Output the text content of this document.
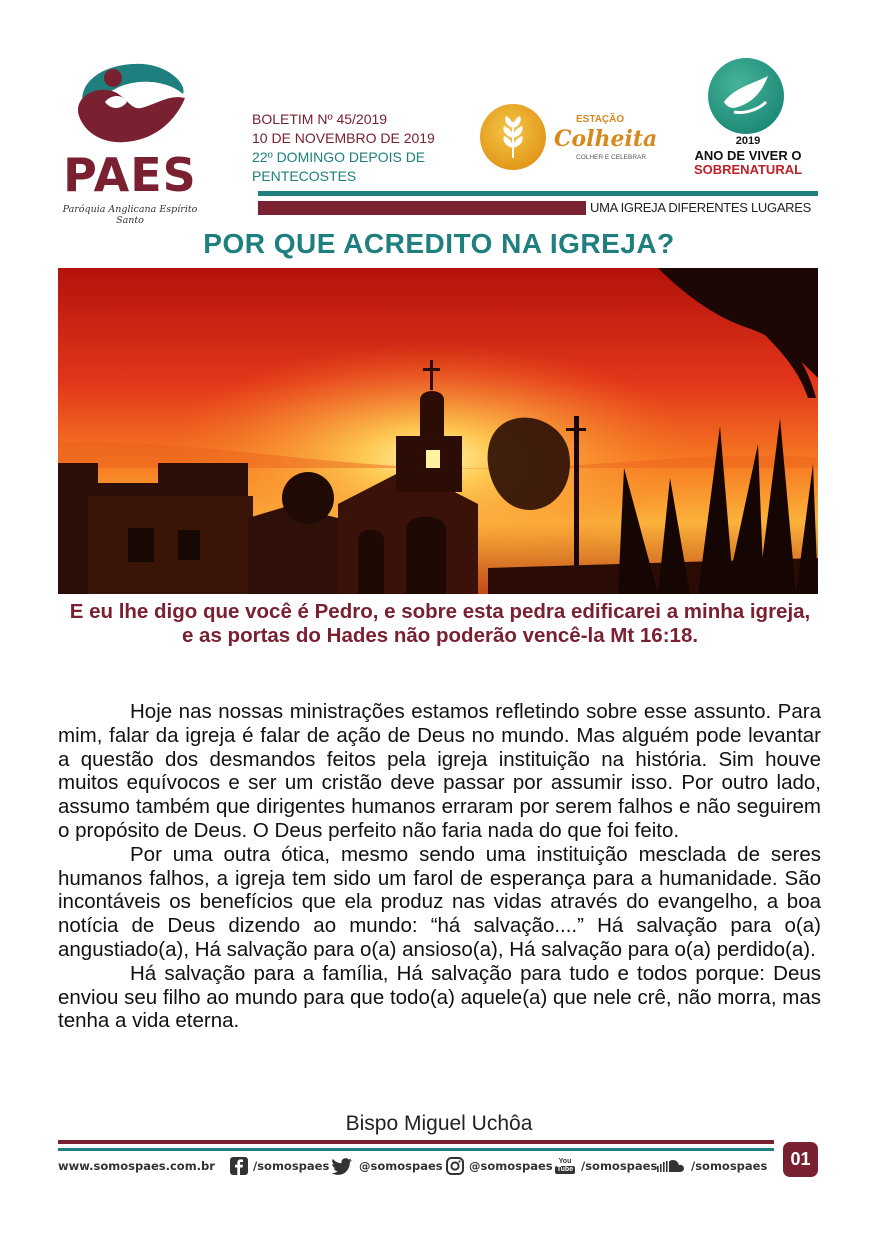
PAES
Paróquia Anglicana Espírito Santo
BOLETIM Nº 45/2019
10 DE NOVEMBRO DE 2019
22º DOMINGO DEPOIS DE
PENTECOSTES
ESTAÇÃO
Colheita
COLHER E CELEBRAR
2019
ANO DE VIVER O
SOBRENATURAL
UMA IGREJA DIFERENTES LUGARES
POR QUE ACREDITO NA IGREJA?
E eu lhe digo que você é Pedro, e sobre esta pedra edificarei a minha igreja, e as portas do Hades não poderão vencê-la Mt 16:18.

Hoje nas nossas ministrações estamos refletindo sobre esse assunto. Para mim, falar da igreja é falar de ação de Deus no mundo. Mas alguém pode levantar a questão dos desmandos feitos pela igreja instituição na história. Sim houve muitos equívocos e ser um cristão deve passar por assumir isso. Por outro lado, assumo também que dirigentes humanos erraram por serem falhos e não seguirem o propósito de Deus. O Deus perfeito não faria nada do que foi feito.

Por uma outra ótica, mesmo sendo uma instituição mesclada de seres humanos falhos, a igreja tem sido um farol de esperança para a humanidade. São incontáveis os benefícios que ela produz nas vidas através do evangelho, a boa notícia de Deus dizendo ao mundo: “há salvação....” Há salvação para o(a) angustiado(a), Há salvação para o(a) ansioso(a), Há salvação para o(a) perdido(a).

Há salvação para a família, Há salvação para tudo e todos porque: Deus enviou seu filho ao mundo para que todo(a) aquele(a) que nele crê, não morra, mas tenha a vida eterna.

Bispo Miguel Uchôa
www.somospaes.com.br	/somospaes	@somospaes @somospaes You
Tube /somospaes	/somospaes	01
